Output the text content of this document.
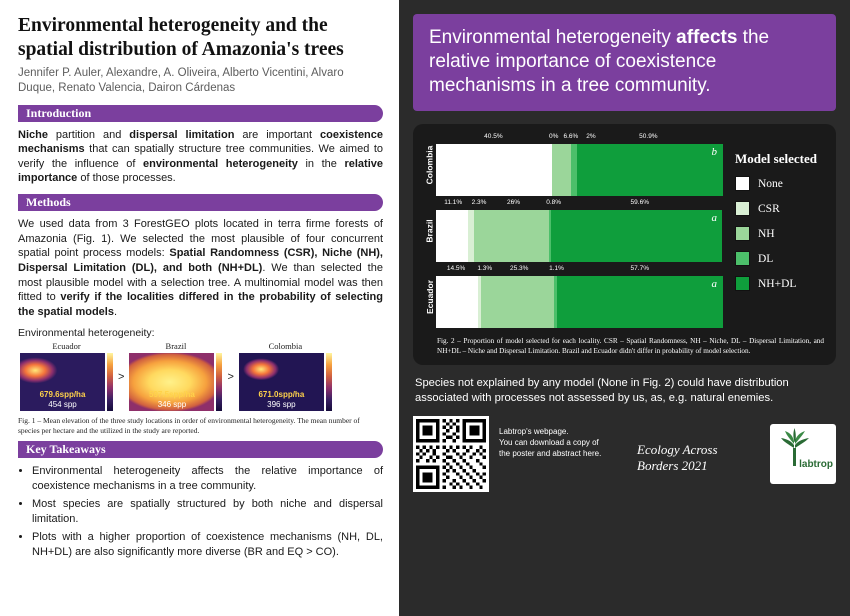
Environmental heterogeneity and the spatial distribution of Amazonia's trees
Jennifer P. Auler, Alexandre, A. Oliveira, Alberto Vicentini, Alvaro Duque, Renato Valencia, Dairon Cárdenas
Introduction

Niche partition and dispersal limitation are important coexistence mechanisms that can spatially structure tree communities. We aimed to verify the influence of environmental heterogeneity in the relative importance of those processes.

Methods

We used data from 3 ForestGEO plots located in terra firme forests of Amazonia (Fig. 1). We selected the most plausible of four concurrent spatial point process models: Spatial Randomness (CSR), Niche (NH), Dispersal Limitation (DL), and both (NH+DL). We than selected the most plausible model with a selection tree. A multinomial model was then fitted to verify if the localities differed in the probability of selecting the spatial models.

Environmental heterogeneity:
Ecuador
679.6spp/ha
454 spp
>
Brazil
597.5spp/ha
346 spp
>
Colombia
671.0spp/ha
396 spp
Fig. 1 – Mean elevation of the three study locations in order of environmental heterogeneity. The mean number of species per hectare and the utilized in the study are reported.
Key Takeaways
• Environmental heterogeneity affects the relative importance of coexistence mechanisms in a tree community.
• Most species are spatially structured by both niche and dispersal limitation.
• Plots with a higher proportion of coexistence mechanisms (NH, DL, NH+DL) are also significantly more diverse (BR and EQ > CO).
Environmental heterogeneity affects the relative importance of coexistence mechanisms in a tree community.
Colombia
40.5%	0% 6.6% 2%	50.9%
b
Brazil
11.1% 2.3%	26%	0.8%	59.6%
a
Ecuador
14.5% 1.3%	25.3%	1.1%	57.7%
a
Model selected
None
CSR
NH
DL
NH+DL
Fig. 2 – Proportion of model selected for each locality. CSR – Spatial Randomness, NH – Niche, DL – Dispersal Limitation, and NH+DL – Niche and Dispersal Limitation. Brazil and Ecuador didn't differ in probability of model selection.
Species not explained by any model (None in Fig. 2) could have distribution associated with processes not assessed by us, as, e.g. natural enemies.
Labtrop's webpage.
You can download a copy of
the poster and abstract here.	Ecology Across
Borders 2021	labtrop
